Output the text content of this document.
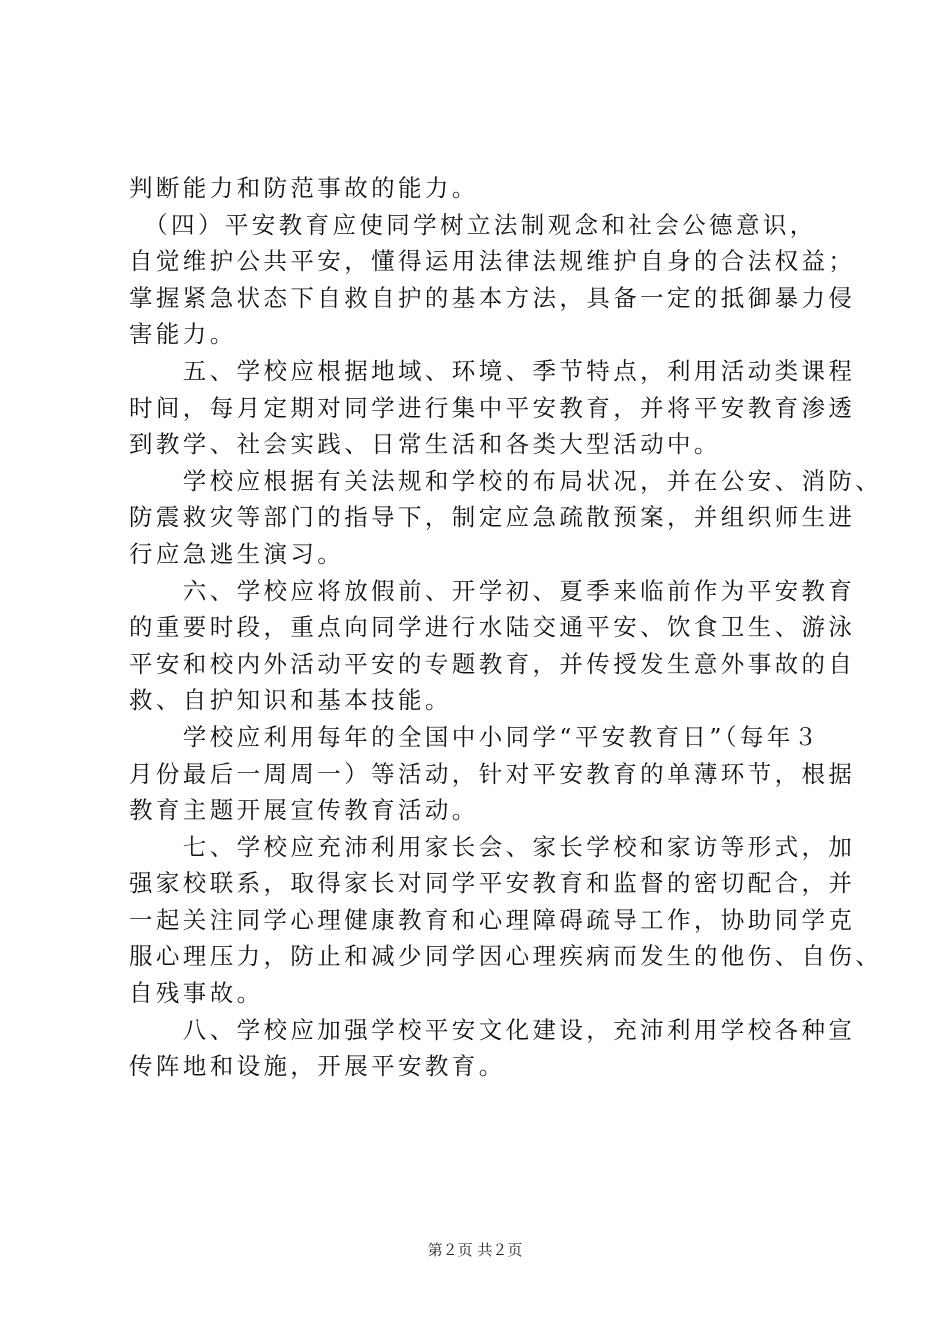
判断能力和防范事故的能力。
　（四）平安教育应使同学树立法制观念和社会公德意识，
自觉维护公共平安，懂得运用法律法规维护自身的合法权益；
掌握紧急状态下自救自护的基本方法，具备一定的抵御暴力侵
害能力。
　　五、学校应根据地域、环境、季节特点，利用活动类课程
时间，每月定期对同学进行集中平安教育，并将平安教育渗透
到教学、社会实践、日常生活和各类大型活动中。
　　学校应根据有关法规和学校的布局状况，并在公安、消防、
防震救灾等部门的指导下，制定应急疏散预案，并组织师生进
行应急逃生演习。
　　六、学校应将放假前、开学初、夏季来临前作为平安教育
的重要时段，重点向同学进行水陆交通平安、饮食卫生、游泳
平安和校内外活动平安的专题教育，并传授发生意外事故的自
救、自护知识和基本技能。
　　学校应利用每年的全国中小同学“平安教育日”（每年３
月份最后一周周一）等活动，针对平安教育的单薄环节，根据
教育主题开展宣传教育活动。
　　七、学校应充沛利用家长会、家长学校和家访等形式，加
强家校联系，取得家长对同学平安教育和监督的密切配合，并
一起关注同学心理健康教育和心理障碍疏导工作，协助同学克
服心理压力，防止和减少同学因心理疾病而发生的他伤、自伤、
自残事故。
　　八、学校应加强学校平安文化建设，充沛利用学校各种宣
传阵地和设施，开展平安教育。
第２页 共２页
